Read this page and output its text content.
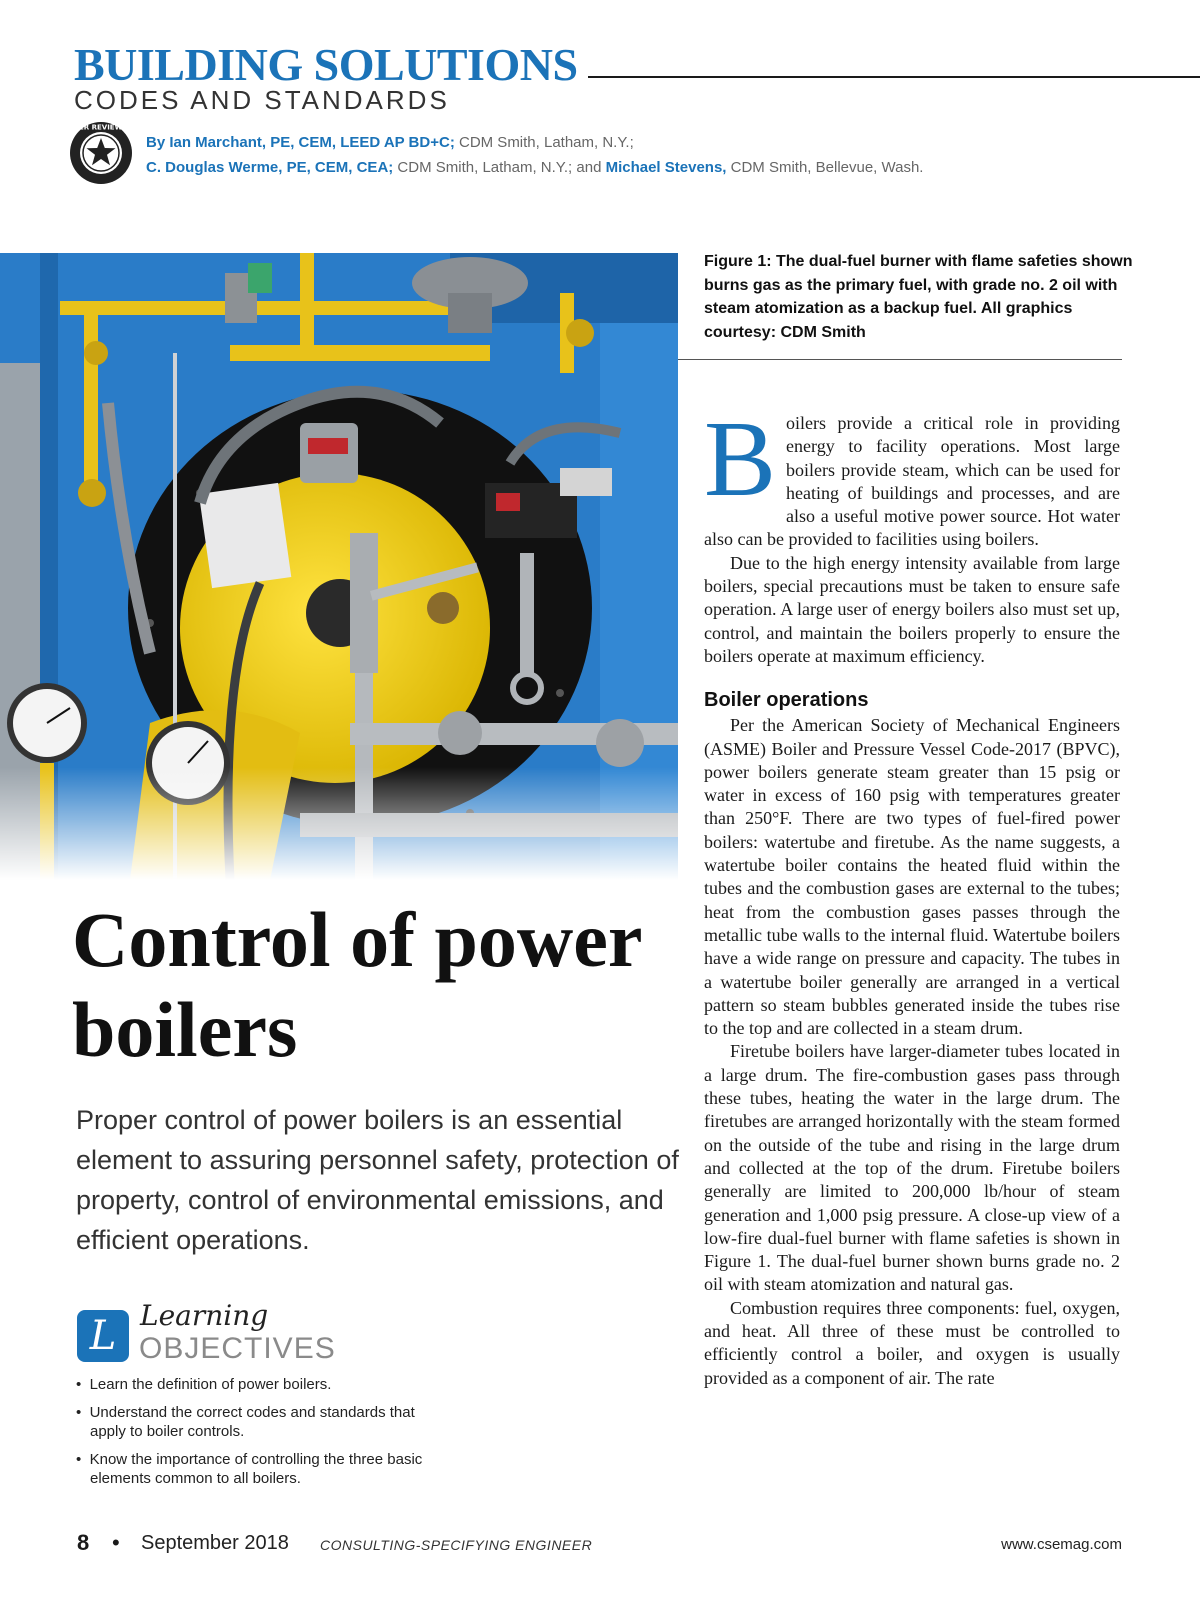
BUILDING SOLUTIONS
CODES AND STANDARDS
PEER REVIEWED
By Ian Marchant, PE, CEM, LEED AP BD+C; CDM Smith, Latham, N.Y.;
C. Douglas Werme, PE, CEM, CEA; CDM Smith, Latham, N.Y.; and Michael Stevens, CDM Smith, Bellevue, Wash.

Figure 1: The dual-fuel burner with flame safeties shown burns gas as the primary fuel, with grade no. 2 oil with steam atomization as a backup fuel. All graphics courtesy: CDM Smith

Control of power boilers

Proper control of power boilers is an essential element to assuring personnel safety, protection of property, control of environmental emissions, and efficient operations.

L Learning
OBJECTIVES
•  Learn the definition of power boilers.
•  Understand the correct codes and standards that apply to boiler controls.
•  Know the importance of controlling the three basic elements common to all boilers.

Boilers provide a critical role in providing energy to facility operations. Most large boilers provide steam, which can be used for heating of buildings and processes, and are also a useful motive power source. Hot water also can be provided to facilities using boilers.

Due to the high energy intensity available from large boilers, special precautions must be taken to ensure safe operation. A large user of energy boilers also must set up, control, and maintain the boilers properly to ensure the boilers operate at maximum efficiency.

Boiler operations

Per the American Society of Mechanical Engineers (ASME) Boiler and Pressure Vessel Code-2017 (BPVC), power boilers generate steam greater than 15 psig or water in excess of 160 psig with temperatures greater than 250°F. There are two types of fuel-fired power boilers: watertube and firetube. As the name suggests, a watertube boiler contains the heated fluid within the tubes and the combustion gases are external to the tubes; heat from the combustion gases passes through the metallic tube walls to the internal fluid. Watertube boilers have a wide range on pressure and capacity. The tubes in a watertube boiler generally are arranged in a vertical pattern so steam bubbles generated inside the tubes rise to the top and are collected in a steam drum.

Firetube boilers have larger-diameter tubes located in a large drum. The fire-combustion gases pass through these tubes, heating the water in the large drum. The firetubes are arranged horizontally with the steam formed on the outside of the tube and rising in the large drum and collected at the top of the drum. Firetube boilers generally are limited to 200,000 lb/hour of steam generation and 1,000 psig pressure. A close-up view of a low-fire dual-fuel burner with flame safeties is shown in Figure 1. The dual-fuel burner shown burns grade no. 2 oil with steam atomization and natural gas.

Combustion requires three components: fuel, oxygen, and heat. All three of these must be controlled to efficiently control a boiler, and oxygen is usually provided as a component of air. The rate

8 • September 2018 CONSULTING-SPECIFYING ENGINEER	www.csemag.com
